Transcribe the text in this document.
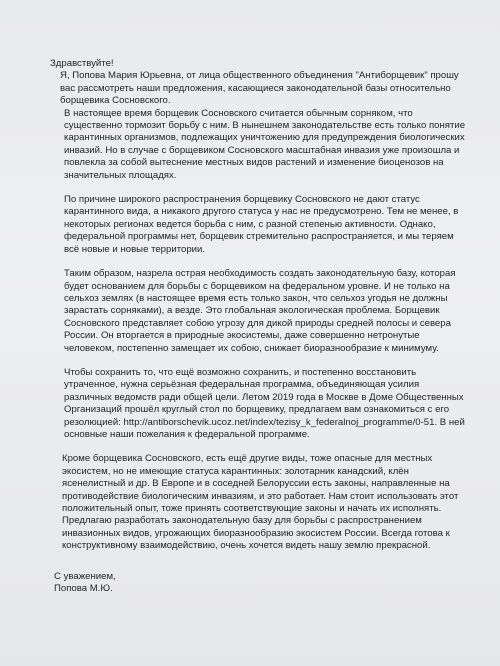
Здравствуйте!

Я, Попова Мария Юрьевна, от лица общественного объединения "Антиборщевик" прошу вас рассмотреть наши предложения, касающиеся законодательной базы относительно борщевика Сосновского.

В настоящее время борщевик Сосновского считается обычным сорняком, что существенно тормозит борьбу с ним. В нынешнем законодательстве есть только понятие карантинных организмов, подлежащих уничтожению для предупреждения биологических инвазий. Но в случае с борщевиком Сосновского масштабная инвазия уже произошла и повлекла за собой вытеснение местных видов растений и изменение биоценозов на значительных площадях.

По причине широкого распространения борщевику Сосновского не дают статус карантинного вида, а никакого другого статуса у нас не предусмотрено. Тем не менее, в некоторых регионах ведется борьба с ним, с разной степенью активности. Однако, федеральной программы нет, борщевик стремительно распространяется, и мы теряем всё новые и новые территории.

Таким образом, назрела острая необходимость создать законодательную базу, которая будет основанием для борьбы с борщевиком на федеральном уровне. И не только на сельхоз землях (в настоящее время есть только закон, что сельхоз угодья не должны зарастать сорняками), а везде. Это глобальная экологическая проблема. Борщевик Сосновского представляет собою угрозу для дикой природы средней полосы и севера России. Он вторгается в природные экосистемы, даже совершенно нетронутые человеком, постепенно замещает их собою, снижает биоразнообразие к минимуму.

Чтобы сохранить то, что ещё возможно сохранить, и постепенно восстановить утраченное, нужна серьёзная федеральная программа, объединяющая усилия различных ведомств ради общей цели. Летом 2019 года в Москве в Доме Общественных Организаций прошёл круглый стол по борщевику, предлагаем вам ознакомиться с его резолюцией: http://antiborschevik.ucoz.net/index/tezisy_k_federalnoj_programme/0-51. В ней основные наши пожелания к федеральной программе.

Кроме борщевика Сосновского, есть ещё другие виды, тоже опасные для местных экосистем, но не имеющие статуса карантинных: золотарник канадский, клён ясенелистный и др. В Европе и в соседней Белоруссии есть законы, направленные на противодействие биологическим инвазиям, и это работает. Нам стоит использовать этот положительный опыт, тоже принять соответствующие законы и начать их исполнять. Предлагаю разработать законодательную базу для борьбы с распространением инвазионных видов, угрожающих биоразнообразию экосистем России. Всегда готова к конструктивному взаимодействию, очень хочется видеть нашу землю прекрасной.

С уважением,
Попова М.Ю.
